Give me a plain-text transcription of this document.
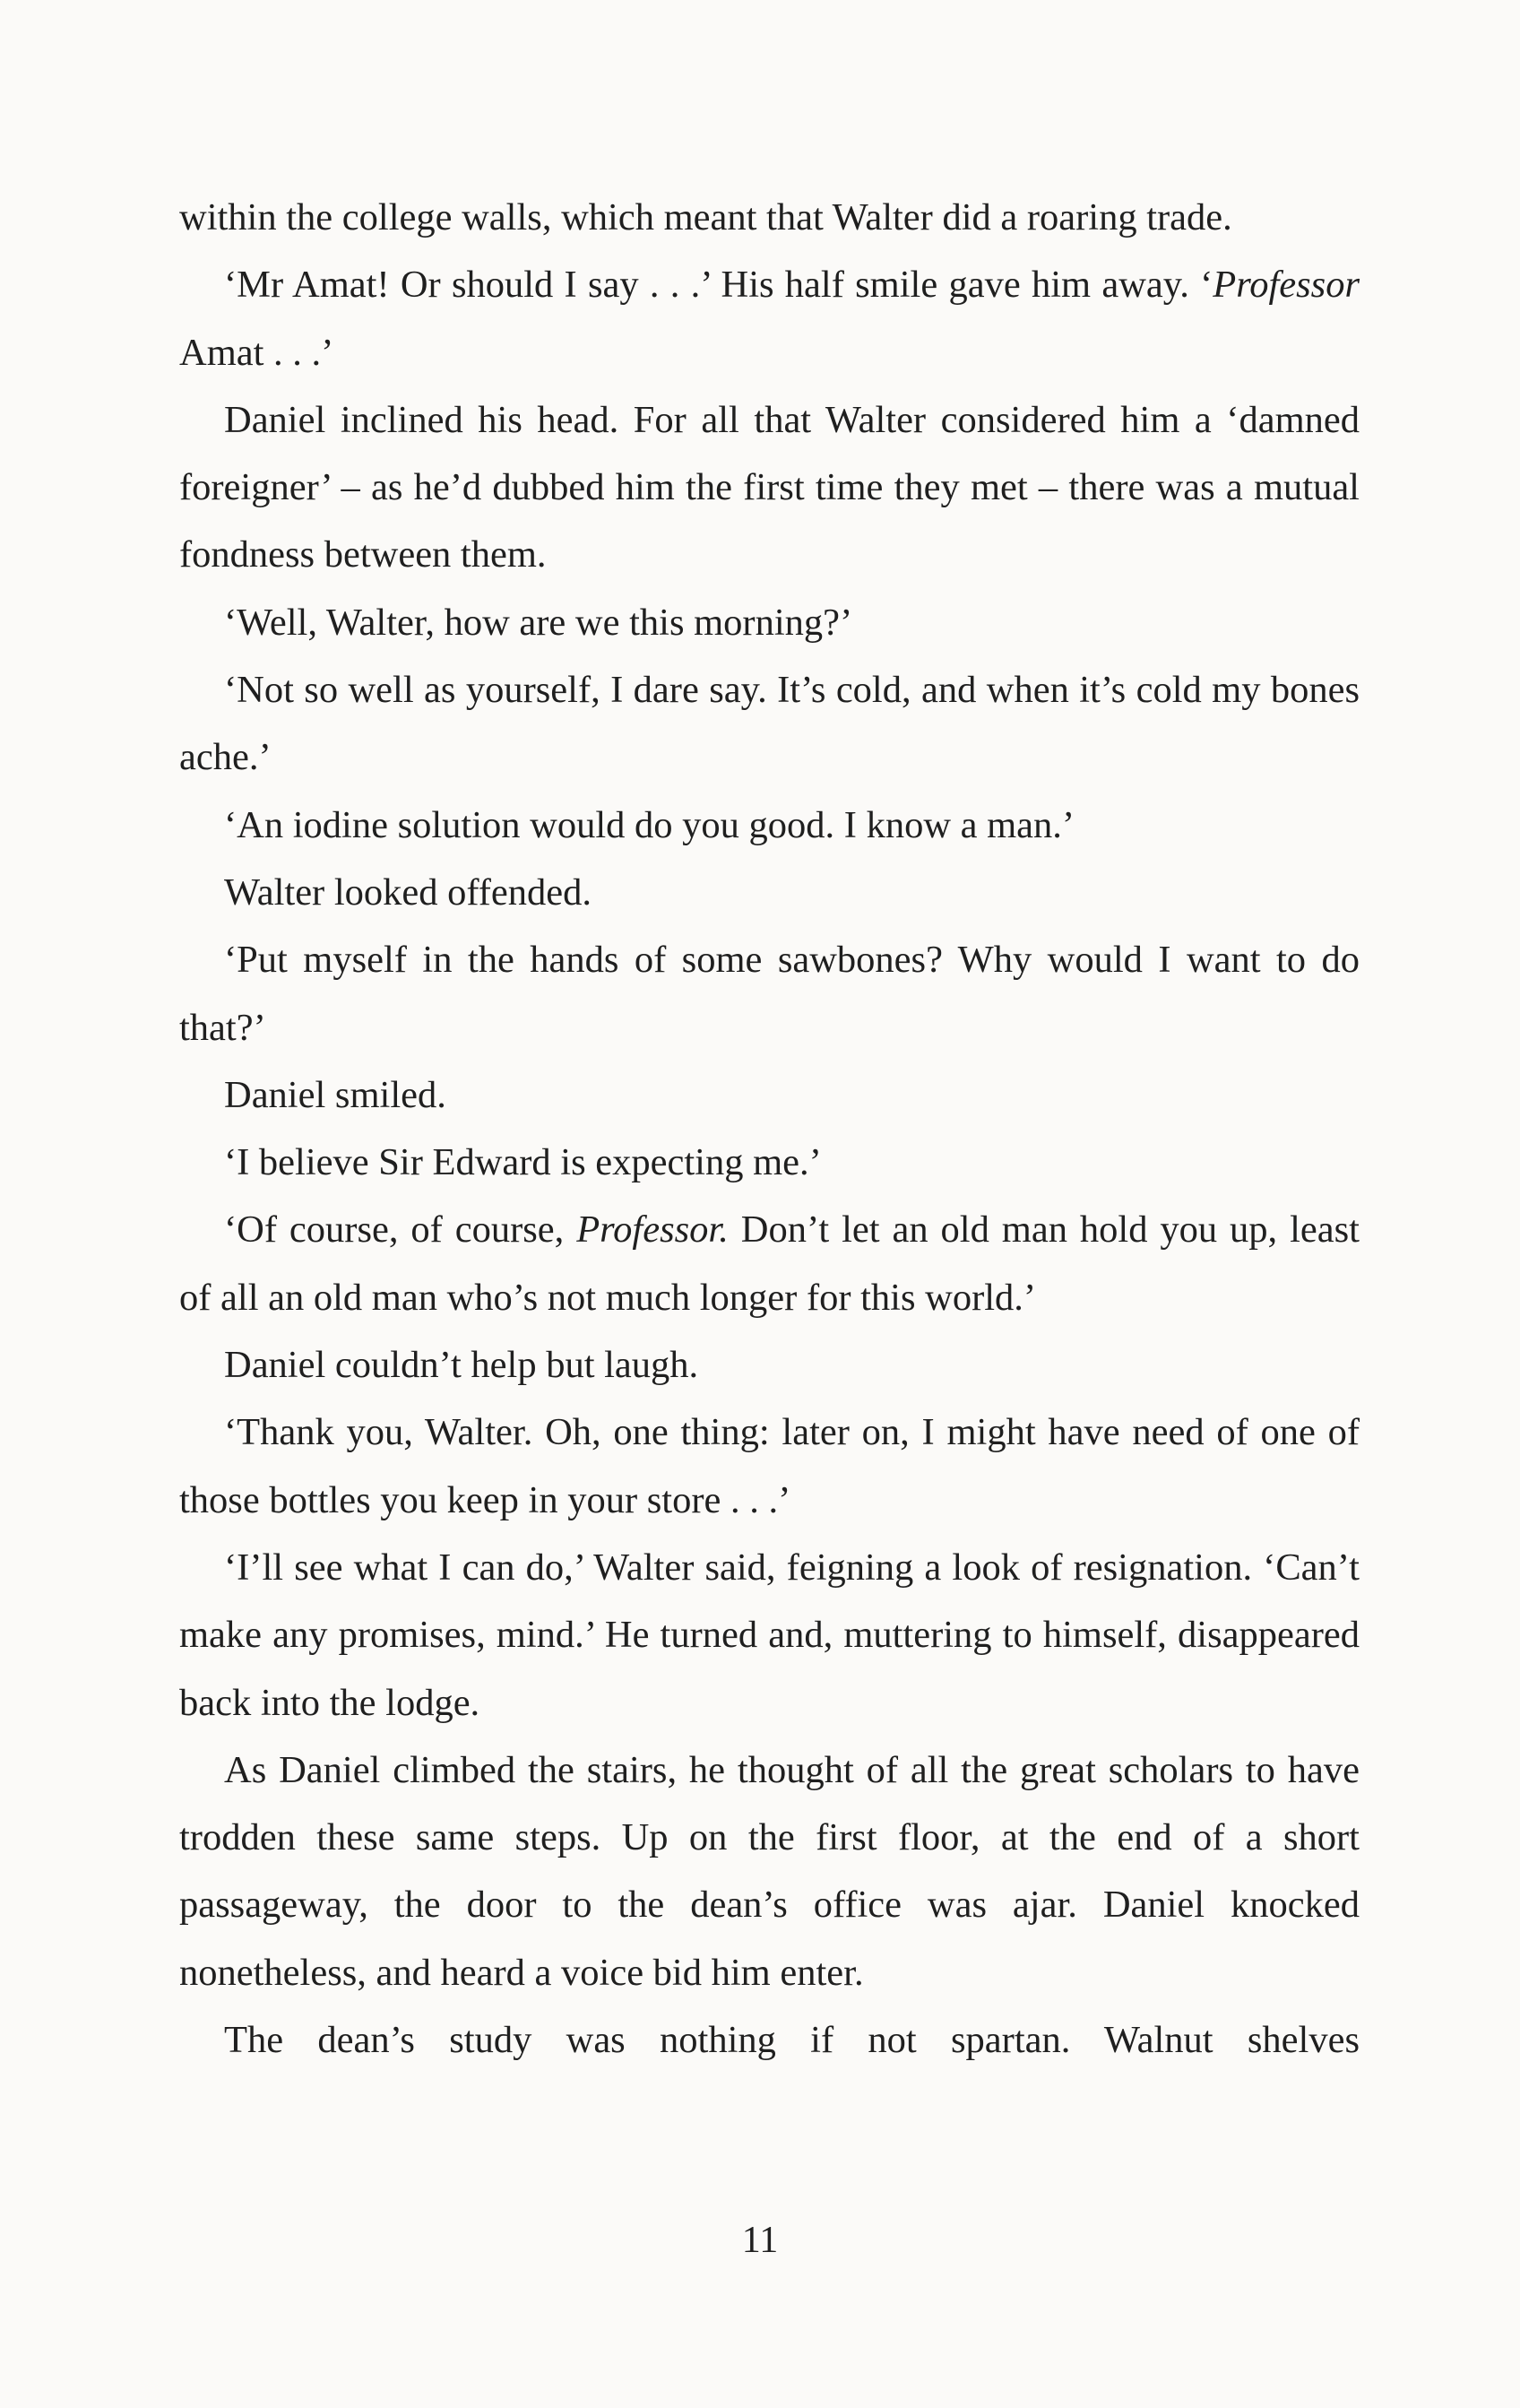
within the college walls, which meant that Walter did a roaring trade.

‘Mr Amat! Or should I say . . .’ His half smile gave him away. ‘Professor Amat . . .’

Daniel inclined his head. For all that Walter considered him a ‘damned foreigner’ – as he’d dubbed him the first time they met – there was a mutual fondness between them.

‘Well, Walter, how are we this morning?’

‘Not so well as yourself, I dare say. It’s cold, and when it’s cold my bones ache.’

‘An iodine solution would do you good. I know a man.’

Walter looked offended.

‘Put myself in the hands of some sawbones? Why would I want to do that?’

Daniel smiled.

‘I believe Sir Edward is expecting me.’

‘Of course, of course, Professor. Don’t let an old man hold you up, least of all an old man who’s not much longer for this world.’

Daniel couldn’t help but laugh.

‘Thank you, Walter. Oh, one thing: later on, I might have need of one of those bottles you keep in your store . . .’

‘I’ll see what I can do,’ Walter said, feigning a look of resignation. ‘Can’t make any promises, mind.’ He turned and, muttering to himself, disappeared back into the lodge.

As Daniel climbed the stairs, he thought of all the great scholars to have trodden these same steps. Up on the first floor, at the end of a short passageway, the door to the dean’s office was ajar. Daniel knocked nonetheless, and heard a voice bid him enter.

The dean’s study was nothing if not spartan. Walnut shelves

11
